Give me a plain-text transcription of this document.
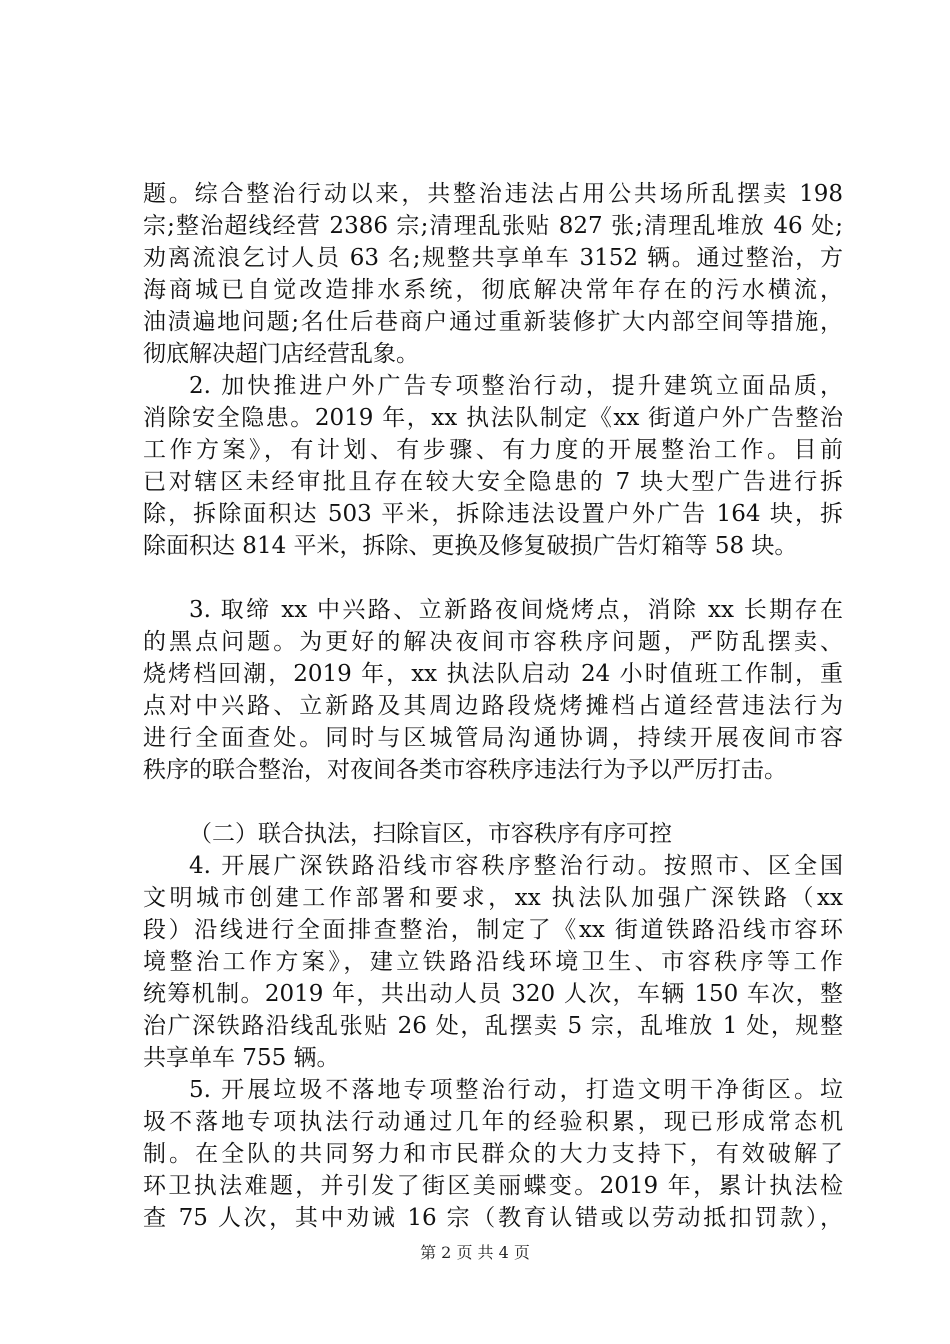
题。综合整治行动以来，共整治违法占用公共场所乱摆卖 198
宗;整治超线经营 2386 宗;清理乱张贴 827 张;清理乱堆放 46 处;
劝离流浪乞讨人员 63 名;规整共享单车 3152 辆。通过整治，方
海商城已自觉改造排水系统，彻底解决常年存在的污水横流，
油渍遍地问题;名仕后巷商户通过重新装修扩大内部空间等措施，
彻底解决超门店经营乱象。
2. 加快推进户外广告专项整治行动，提升建筑立面品质，
消除安全隐患。2019 年，xx 执法队制定《xx 街道户外广告整治
工作方案》，有计划、有步骤、有力度的开展整治工作。目前
已对辖区未经审批且存在较大安全隐患的 7 块大型广告进行拆
除，拆除面积达 503 平米，拆除违法设置户外广告 164 块，拆
除面积达 814 平米，拆除、更换及修复破损广告灯箱等 58 块。
3. 取缔 xx 中兴路、立新路夜间烧烤点，消除 xx 长期存在
的黑点问题。为更好的解决夜间市容秩序问题，严防乱摆卖、
烧烤档回潮，2019 年，xx 执法队启动 24 小时值班工作制，重
点对中兴路、立新路及其周边路段烧烤摊档占道经营违法行为
进行全面查处。同时与区城管局沟通协调，持续开展夜间市容
秩序的联合整治，对夜间各类市容秩序违法行为予以严厉打击。
（二）联合执法，扫除盲区，市容秩序有序可控
4. 开展广深铁路沿线市容秩序整治行动。按照市、区全国
文明城市创建工作部署和要求，xx 执法队加强广深铁路（xx
段）沿线进行全面排查整治，制定了《xx 街道铁路沿线市容环
境整治工作方案》，建立铁路沿线环境卫生、市容秩序等工作
统筹机制。2019 年，共出动人员 320 人次，车辆 150 车次，整
治广深铁路沿线乱张贴 26 处，乱摆卖 5 宗，乱堆放 1 处，规整
共享单车 755 辆。
5. 开展垃圾不落地专项整治行动，打造文明干净街区。垃
圾不落地专项执法行动通过几年的经验积累，现已形成常态机
制。在全队的共同努力和市民群众的大力支持下，有效破解了
环卫执法难题，并引发了街区美丽蝶变。2019 年，累计执法检
查 75 人次，其中劝诫 16 宗（教育认错或以劳动抵扣罚款），
第 2 页 共 4 页
